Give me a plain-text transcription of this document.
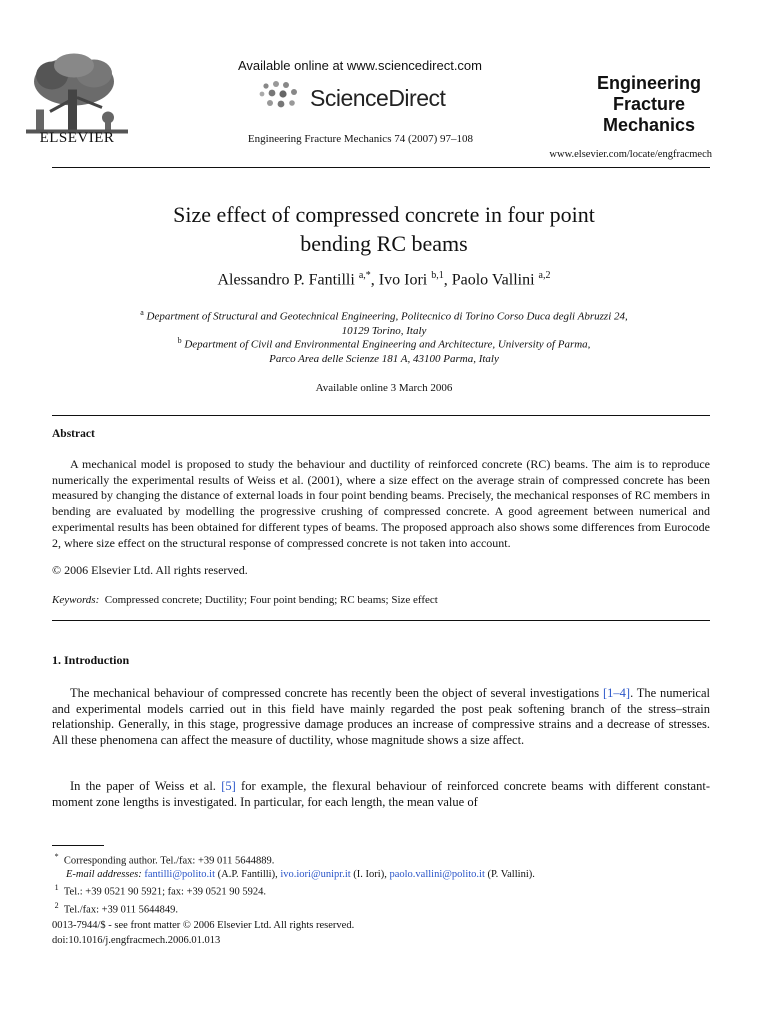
ELSEVIER
Available online at www.sciencedirect.com
ScienceDirect
Engineering Fracture Mechanics 74 (2007) 97–108
Engineering
Fracture
Mechanics
www.elsevier.com/locate/engfracmech
Size effect of compressed concrete in four point
bending RC beams
Alessandro P. Fantilli $^{a,*}$, Ivo Iori $^{b,1}$, Paolo Vallini $^{a,2}$
$^a$ Department of Structural and Geotechnical Engineering, Politecnico di Torino Corso Duca degli Abruzzi 24,
10129 Torino, Italy
$^b$ Department of Civil and Environmental Engineering and Architecture, University of Parma,
Parco Area delle Scienze 181 A, 43100 Parma, Italy
Available online 3 March 2006
Abstract
A mechanical model is proposed to study the behaviour and ductility of reinforced concrete (RC) beams. The aim is to reproduce numerically the experimental results of Weiss et al. (2001), where a size effect on the average strain of compressed concrete has been measured by changing the distance of external loads in four point bending beams. Precisely, the mechanical responses of RC members in bending are evaluated by modelling the progressive crushing of compressed concrete. A good agreement between numerical and experimental results has been obtained for different types of beams. The proposed approach also shows some differences from Eurocode 2, where size effect on the structural response of compressed concrete is not taken into account.
© 2006 Elsevier Ltd. All rights reserved.
Keywords: Compressed concrete; Ductility; Four point bending; RC beams; Size effect
1. Introduction
The mechanical behaviour of compressed concrete has recently been the object of several investigations [1–4]. The numerical and experimental models carried out in this field have mainly regarded the post peak softening branch of the stress–strain relationship. Generally, in this stage, progressive damage produces an increase of compressive strains and a decrease of stresses. All these phenomena can affect the measure of ductility, whose magnitude shows a size affect.
In the paper of Weiss et al. [5] for example, the flexural behaviour of reinforced concrete beams with different constant-moment zone lengths is investigated. In particular, for each length, the mean value of
* Corresponding author. Tel./fax: +39 011 5644889.
E-mail addresses: fantilli@polito.it (A.P. Fantilli), ivo.iori@unipr.it (I. Iori), paolo.vallini@polito.it (P. Vallini).
$^1$ Tel.: +39 0521 90 5921; fax: +39 0521 90 5924.
$^2$ Tel./fax: +39 011 5644849.
0013-7944/$ - see front matter © 2006 Elsevier Ltd. All rights reserved.
doi:10.1016/j.engfracmech.2006.01.013
